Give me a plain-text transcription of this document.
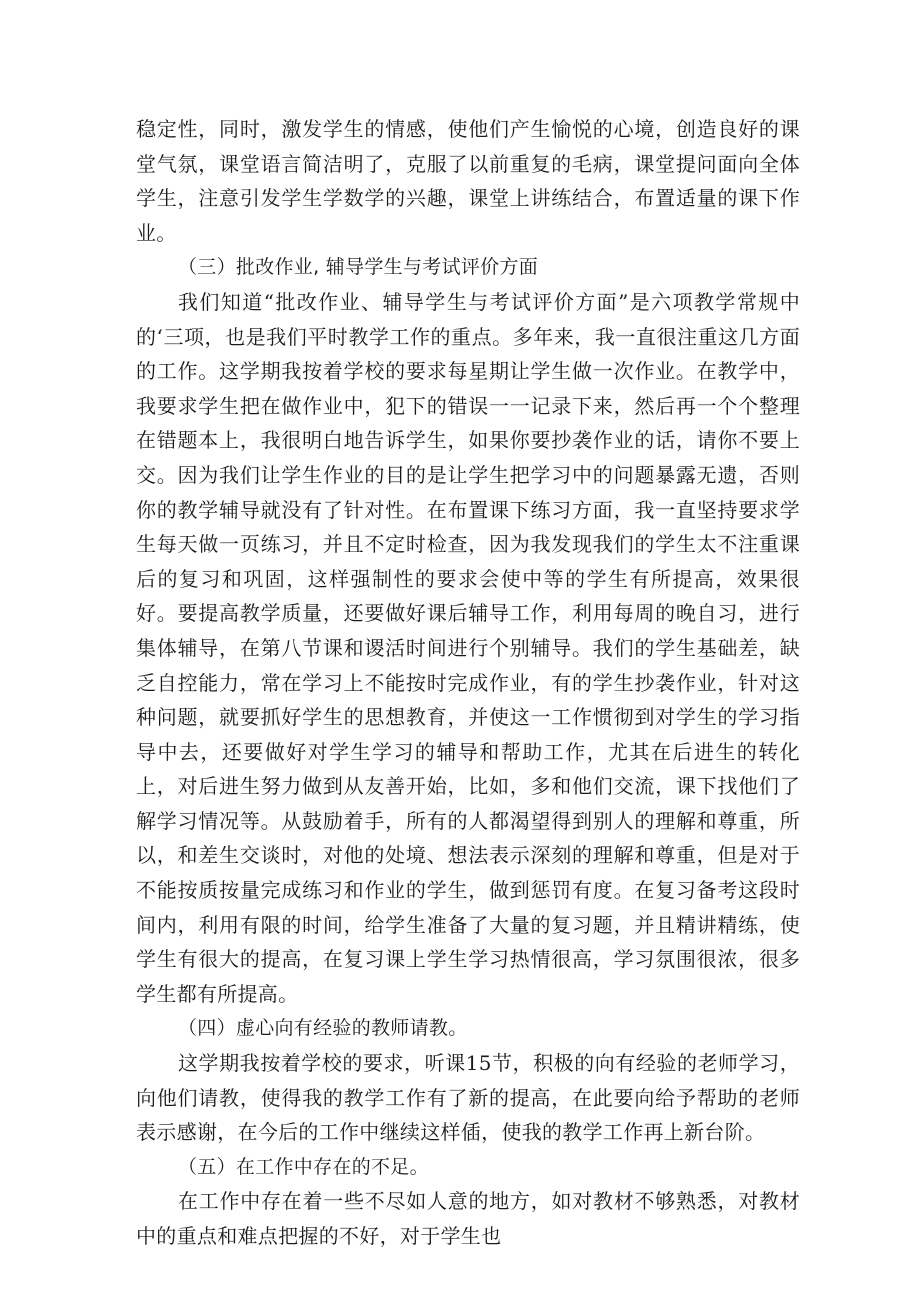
稳定性，同时，激发学生的情感，使他们产生愉悦的心境，创造良好的课堂气氛，课堂语言简洁明了，克服了以前重复的毛病，课堂提问面向全体学生，注意引发学生学数学的兴趣，课堂上讲练结合，布置适量的课下作业。

（三）批改作业, 辅导学生与考试评价方面

我们知道“批改作业、辅导学生与考试评价方面”是六项教学常规中的‘三项，也是我们平时教学工作的重点。多年来，我一直很注重这几方面的工作。这学期我按着学校的要求每星期让学生做一次作业。在教学中，我要求学生把在做作业中，犯下的错误一一记录下来，然后再一个个整理在错题本上，我很明白地告诉学生，如果你要抄袭作业的话，请你不要上交。因为我们让学生作业的目的是让学生把学习中的问题暴露无遗，否则你的教学辅导就没有了针对性。在布置课下练习方面，我一直坚持要求学生每天做一页练习，并且不定时检查，因为我发现我们的学生太不注重课后的复习和巩固，这样强制性的要求会使中等的学生有所提高，效果很好。要提高教学质量，还要做好课后辅导工作，利用每周的晚自习，进行集体辅导，在第八节课和谡活时间进行个别辅导。我们的学生基础差，缺乏自控能力，常在学习上不能按时完成作业，有的学生抄袭作业，针对这种问题，就要抓好学生的思想教育，并使这一工作惯彻到对学生的学习指导中去，还要做好对学生学习的辅导和帮助工作，尤其在后进生的转化上，对后进生努力做到从友善开始，比如，多和他们交流，课下找他们了解学习情况等。从鼓励着手，所有的人都渴望得到别人的理解和尊重，所以，和差生交谈时，对他的处境、想法表示深刻的理解和尊重，但是对于不能按质按量完成练习和作业的学生，做到惩罚有度。在复习备考这段时间内，利用有限的时间，给学生准备了大量的复习题，并且精讲精练，使学生有很大的提高，在复习课上学生学习热情很高，学习氛围很浓，很多学生都有所提高。

（四）虚心向有经验的教师请教。

这学期我按着学校的要求，听课15节，积极的向有经验的老师学习，向他们请教，使得我的教学工作有了新的提高，在此要向给予帮助的老师表示感谢，在今后的工作中继续这样偛，使我的教学工作再上新台阶。

（五）在工作中存在的不足。

在工作中存在着一些不尽如人意的地方，如对教材不够熟悉，对教材中的重点和难点把握的不好，对于学生也
